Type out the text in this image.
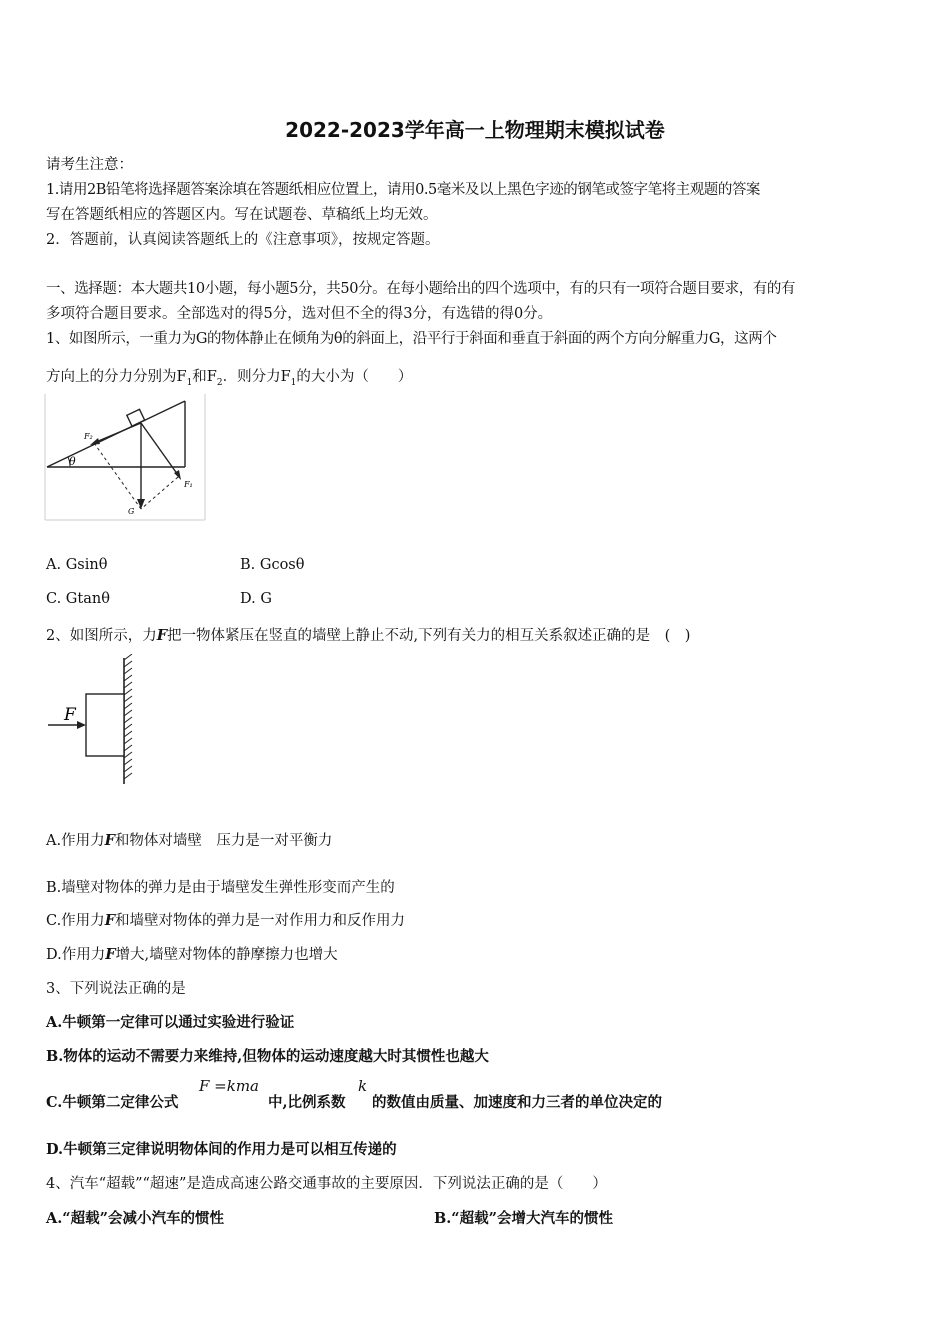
2022-2023学年高一上物理期末模拟试卷
请考生注意：
1.请用2B铅笔将选择题答案涂填在答题纸相应位置上，请用0.5毫米及以上黑色字迹的钢笔或签字笔将主观题的答案
写在答题纸相应的答题区内。写在试题卷、草稿纸上均无效。
2．答题前，认真阅读答题纸上的《注意事项》，按规定答题。
一、选择题：本大题共10小题，每小题5分，共50分。在每小题给出的四个选项中，有的只有一项符合题目要求，有的有
多项符合题目要求。全部选对的得5分，选对但不全的得3分，有选错的得0分。
1、如图所示，一重力为G的物体静止在倾角为θ的斜面上，沿平行于斜面和垂直于斜面的两个方向分解重力G，这两个
方向上的分力分别为$F_1$和$F_2$．则分力$F_1$的大小为（　　）
F₂
θ
F₁
G
A. Gsinθ	B. Gcosθ
C. Gtanθ	D. G
2、如图所示，力F把一物体紧压在竖直的墙壁上静止不动,下列有关力的相互关系叙述正确的是　(　)
F
A.作用力F和物体对墙壁　压力是一对平衡力
B.墙壁对物体的弹力是由于墙壁发生弹性形变而产生的
C.作用力F和墙壁对物体的弹力是一对作用力和反作用力
D.作用力F增大,墙壁对物体的静摩擦力也增大
3、下列说法正确的是
A.牛顿第一定律可以通过实验进行验证
B.物体的运动不需要力来维持,但物体的运动速度越大时其惯性也越大
C.牛顿第二定律公式
F =kma
中,比例系数
k
的数值由质量、加速度和力三者的单位决定的
D.牛顿第三定律说明物体间的作用力是可以相互传递的
4、汽车“超载”“超速”是造成高速公路交通事故的主要原因．下列说法正确的是（　　）
A.“超载”会减小汽车的惯性	B.“超载”会增大汽车的惯性
